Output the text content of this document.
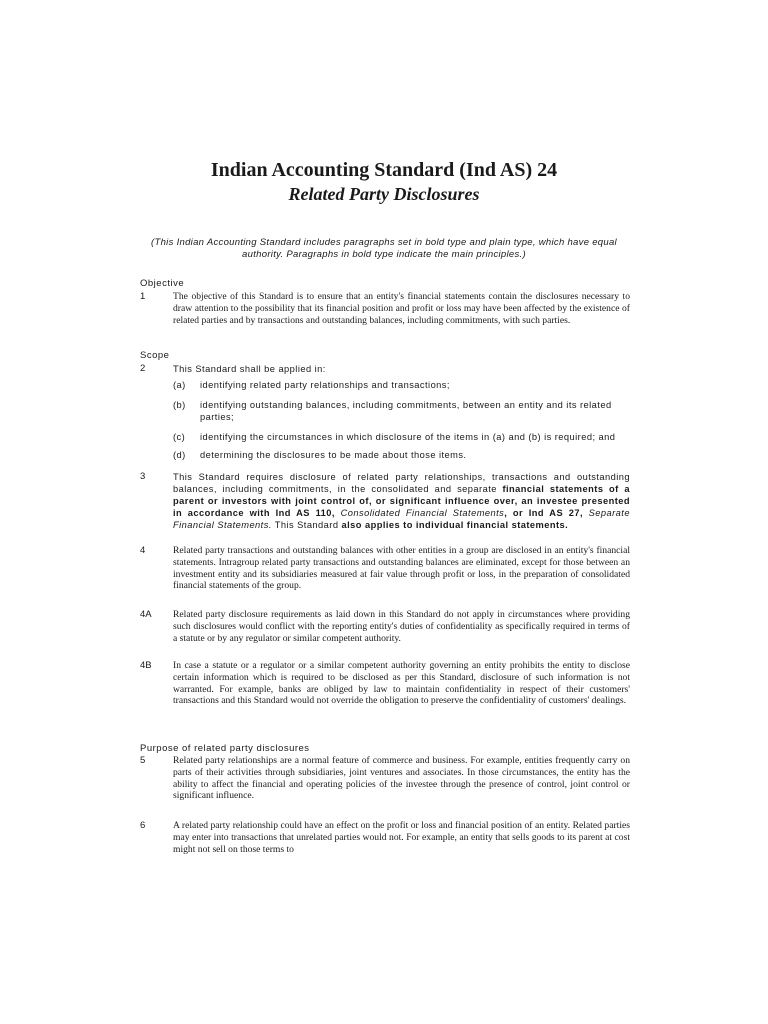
Indian Accounting Standard (Ind AS) 24
Related Party Disclosures
(This Indian Accounting Standard includes paragraphs set in bold type and plain type, which have equal authority. Paragraphs in bold type indicate the main principles.)
Objective
1	The objective of this Standard is to ensure that an entity's financial statements contain the disclosures necessary to draw attention to the possibility that its financial position and profit or loss may have been affected by the existence of related parties and by transactions and outstanding balances, including commitments, with such parties.
Scope
2	This Standard shall be applied in:
(a) identifying related party relationships and transactions;
(b) identifying outstanding balances, including commitments, between an entity and its related parties;
(c) identifying the circumstances in which disclosure of the items in (a) and (b) is required; and
(d) determining the disclosures to be made about those items.
3	This Standard requires disclosure of related party relationships, transactions and outstanding balances, including commitments, in the consolidated and separate financial statements of a parent or investors with joint control of, or significant influence over, an investee presented in accordance with Ind AS 110, Consolidated Financial Statements, or Ind AS 27, Separate Financial Statements. This Standard also applies to individual financial statements.
4	Related party transactions and outstanding balances with other entities in a group are disclosed in an entity's financial statements. Intragroup related party transactions and outstanding balances are eliminated, except for those between an investment entity and its subsidiaries measured at fair value through profit or loss, in the preparation of consolidated financial statements of the group.
4A	Related party disclosure requirements as laid down in this Standard do not apply in circumstances where providing such disclosures would conflict with the reporting entity's duties of confidentiality as specifically required in terms of a statute or by any regulator or similar competent authority.
4B	In case a statute or a regulator or a similar competent authority governing an entity prohibits the entity to disclose certain information which is required to be disclosed as per this Standard, disclosure of such information is not warranted. For example, banks are obliged by law to maintain confidentiality in respect of their customers' transactions and this Standard would not override the obligation to preserve the confidentiality of customers' dealings.
Purpose of related party disclosures
5	Related party relationships are a normal feature of commerce and business. For example, entities frequently carry on parts of their activities through subsidiaries, joint ventures and associates. In those circumstances, the entity has the ability to affect the financial and operating policies of the investee through the presence of control, joint control or significant influence.
6	A related party relationship could have an effect on the profit or loss and financial position of an entity. Related parties may enter into transactions that unrelated parties would not. For example, an entity that sells goods to its parent at cost might not sell on those terms to
